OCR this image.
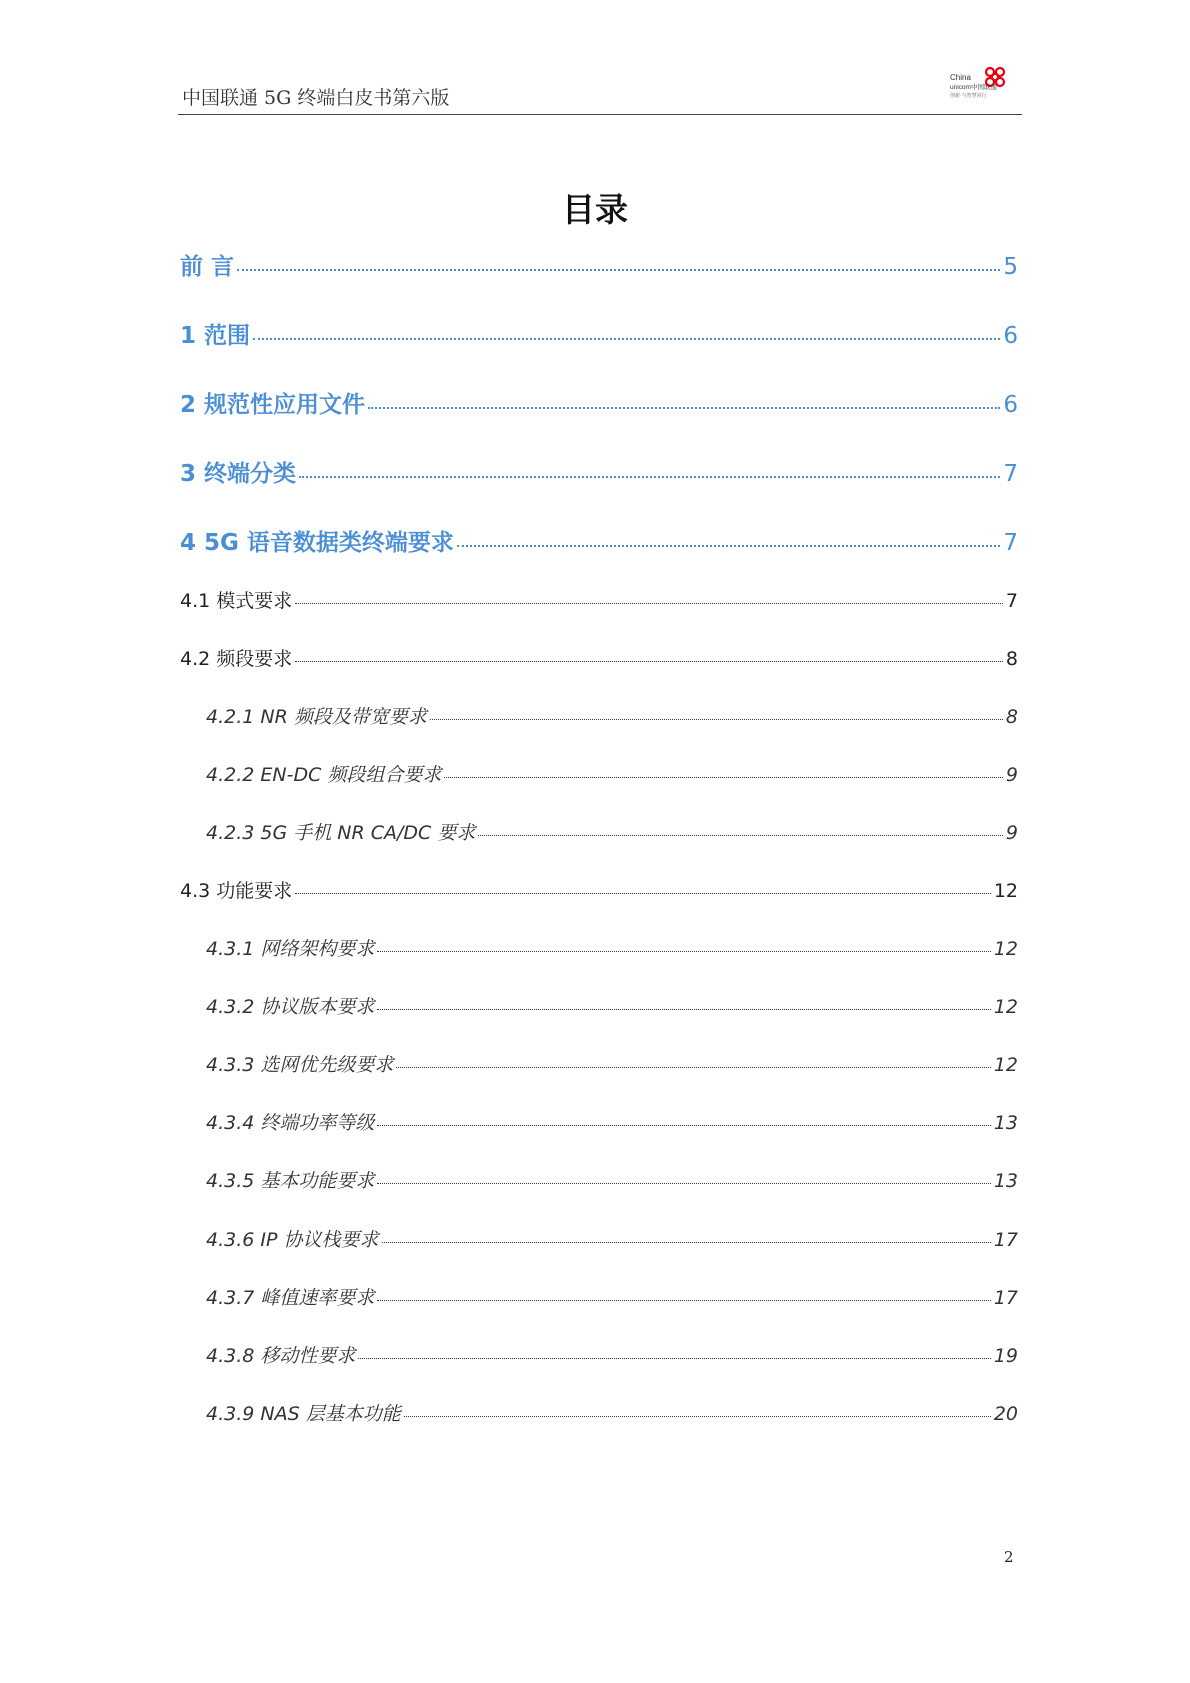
中国联通 5G 终端白皮书第六版
China
unicom中国联通
创新·与智慧同行
目录
前 言	5
1 范围	6
2 规范性应用文件	6
3 终端分类	7
4 5G 语音数据类终端要求	7
4.1 模式要求	7
4.2 频段要求	8
4.2.1 NR 频段及带宽要求	8
4.2.2 EN-DC 频段组合要求	9
4.2.3 5G 手机 NR CA/DC 要求	9
4.3 功能要求	12
4.3.1 网络架构要求	12
4.3.2 协议版本要求	12
4.3.3 选网优先级要求	12
4.3.4 终端功率等级	13
4.3.5 基本功能要求	13
4.3.6 IP 协议栈要求	17
4.3.7 峰值速率要求	17
4.3.8 移动性要求	19
4.3.9 NAS 层基本功能	20
2
